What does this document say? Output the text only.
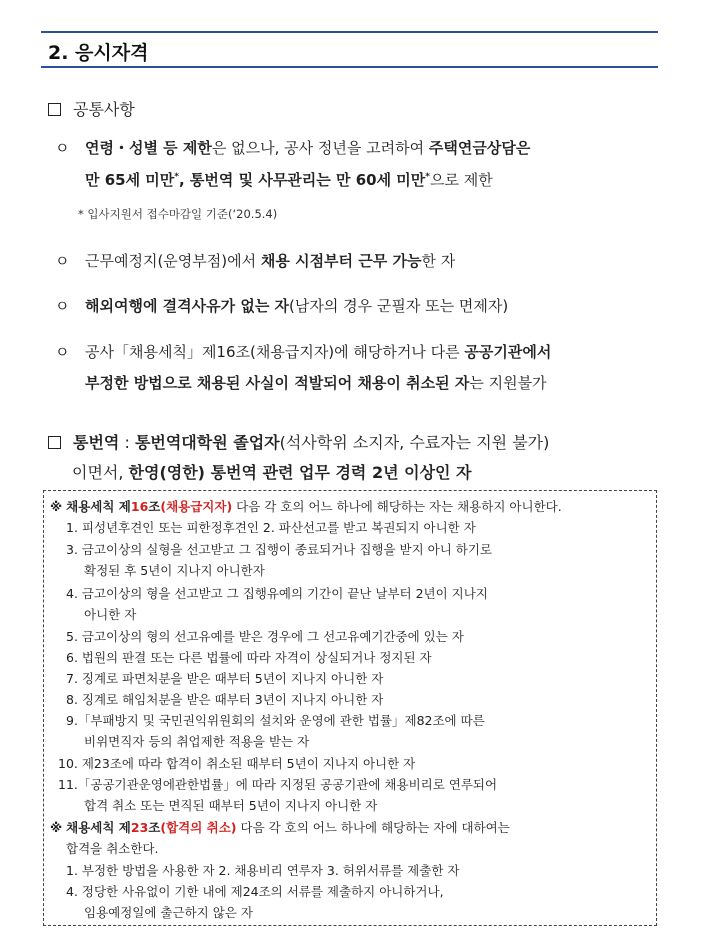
2. 응시자격
공통사항
ㅇ 연령・성별 등 제한은 없으나, 공사 정년을 고려하여 주택연금상담은
만 65세 미만*, 통번역 및 사무관리는 만 60세 미만*으로 제한
* 입사지원서 접수마감일 기준(‘20.5.4)
ㅇ 근무예정지(운영부점)에서 채용 시점부터 근무 가능한 자
ㅇ 해외여행에 결격사유가 없는 자(남자의 경우 군필자 또는 면제자)
ㅇ 공사「채용세칙」제16조(채용급지자)에 해당하거나 다른 공공기관에서
부정한 방법으로 채용된 사실이 적발되어 채용이 취소된 자는 지원불가
통번역 : 통번역대학원 졸업자(석사학위 소지자, 수료자는 지원 불가)
이면서, 한영(영한) 통번역 관련 업무 경력 2년 이상인 자
※ 채용세칙 제16조(채용급지자) 다음 각 호의 어느 하나에 해당하는 자는 채용하지 아니한다.
1. 피성년후견인 또는 피한정후견인 2. 파산선고를 받고 복권되지 아니한 자
3. 금고이상의 실형을 선고받고 그 집행이 종료되거나 집행을 받지 아니 하기로
확정된 후 5년이 지나지 아니한자
4. 금고이상의 형을 선고받고 그 집행유예의 기간이 끝난 날부터 2년이 지나지
아니한 자
5. 금고이상의 형의 선고유예를 받은 경우에 그 선고유예기간중에 있는 자
6. 법원의 판결 또는 다른 법률에 따라 자격이 상실되거나 정지된 자
7. 징계로 파면처분을 받은 때부터 5년이 지나지 아니한 자
8. 징계로 해임처분을 받은 때부터 3년이 지나지 아니한 자
9.「부패방지 및 국민권익위원회의 설치와 운영에 관한 법률」제82조에 따른
비위면직자 등의 취업제한 적용을 받는 자
10. 제23조에 따라 합격이 취소된 때부터 5년이 지나지 아니한 자
11.「공공기관운영에관한법률」에 따라 지정된 공공기관에 채용비리로 연루되어
합격 취소 또는 면직된 때부터 5년이 지나지 아니한 자
※ 채용세칙 제23조(합격의 취소) 다음 각 호의 어느 하나에 해당하는 자에 대하여는
합격을 취소한다.
1. 부정한 방법을 사용한 자 2. 채용비리 연루자 3. 허위서류를 제출한 자
4. 정당한 사유없이 기한 내에 제24조의 서류를 제출하지 아니하거나,
임용예정일에 출근하지 않은 자
